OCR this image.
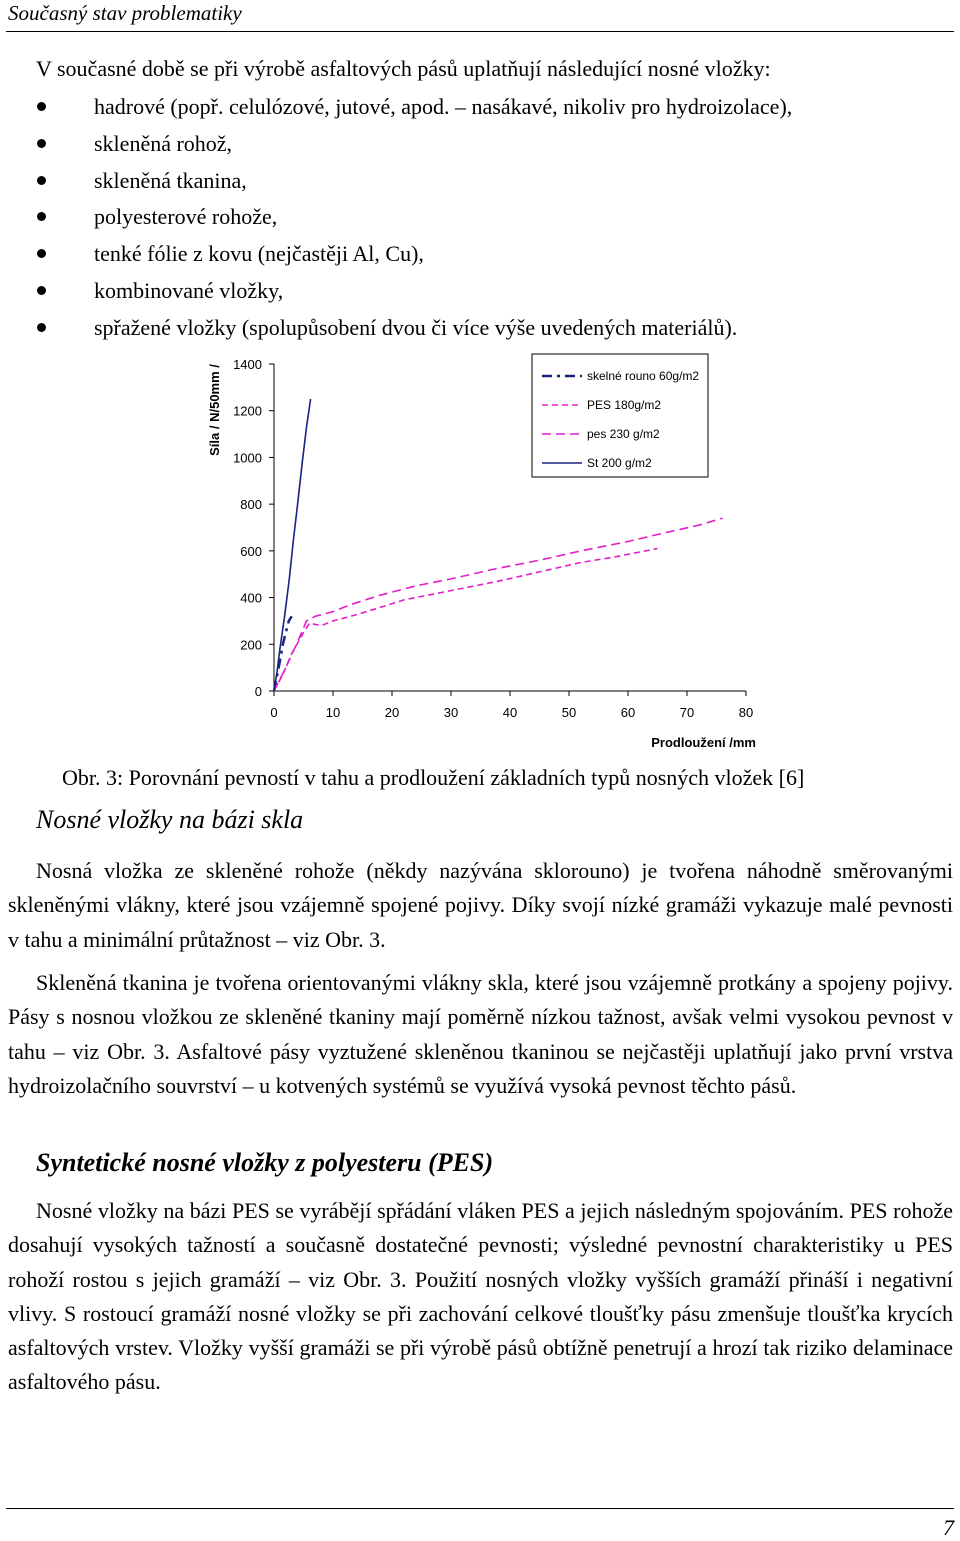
Současný stav problematiky
V současné době se při výrobě asfaltových pásů uplatňují následující nosné vložky:
hadrové (popř. celulózové, jutové, apod. – nasákavé, nikoliv pro hydroizolace),
skleněná rohož,
skleněná tkanina,
polyesterové rohože,
tenké fólie z kovu (nejčastěji Al, Cu),
kombinované vložky,
spřažené vložky (spolupůsobení dvou či více výše uvedených materiálů).
0
200
400
600
800
1000
1200
1400
0	10	20	30	40	50	60	70	80
Prodloužení /mm
Síla / N/50mm /	skelné rouno 60g/m2
PES 180g/m2
pes 230 g/m2
St 200 g/m2
Obr. 3: Porovnání pevností v tahu a prodloužení základních typů nosných vložek [6]
Nosné vložky na bázi skla
Nosná vložka ze skleněné rohože (někdy nazývána sklorouno) je tvořena náhodně směrovanými skleněnými vlákny, které jsou vzájemně spojené pojivy. Díky svojí nízké gramáži vykazuje malé pevnosti v tahu a minimální průtažnost – viz Obr. 3.
Skleněná tkanina je tvořena orientovanými vlákny skla, které jsou vzájemně protkány a spojeny pojivy. Pásy s nosnou vložkou ze skleněné tkaniny mají poměrně nízkou tažnost, avšak velmi vysokou pevnost v tahu – viz Obr. 3. Asfaltové pásy vyztužené skleněnou tkaninou se nejčastěji uplatňují jako první vrstva hydroizolačního souvrství – u kotvených systémů se využívá vysoká pevnost těchto pásů.
Syntetické nosné vložky z polyesteru (PES)
Nosné vložky na bázi PES se vyrábějí spřádání vláken PES a jejich následným spojováním. PES rohože dosahují vysokých tažností a současně dostatečné pevnosti; výsledné pevnostní charakteristiky u PES rohoží rostou s jejich gramáží – viz Obr. 3. Použití nosných vložky vyšších gramáží přináší i negativní vlivy. S rostoucí gramáží nosné vložky se při zachování celkové tloušťky pásu zmenšuje tloušťka krycích asfaltových vrstev. Vložky vyšší gramáži se při výrobě pásů obtížně penetrují a hrozí tak riziko delaminace asfaltového pásu.
7
